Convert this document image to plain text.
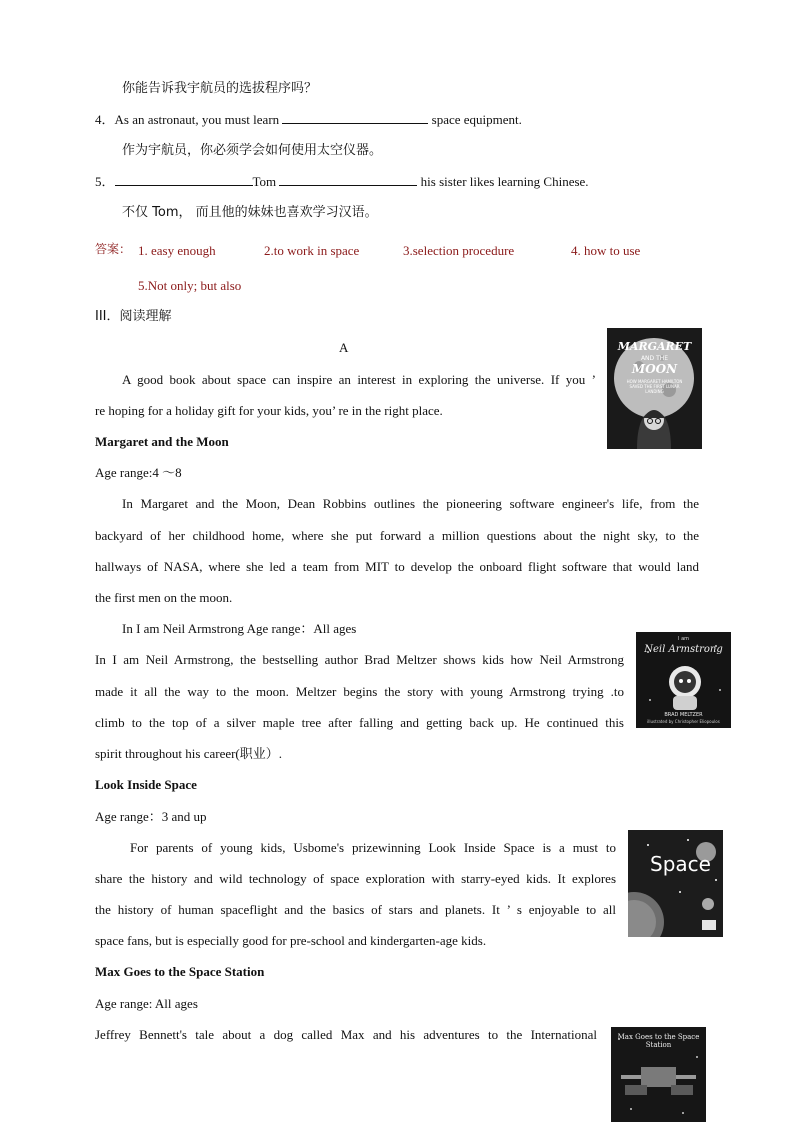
你能告诉我宇航员的选拔程序吗？
4．As an astronaut, you must learn	space equipment.
作为宇航员，你必须学会如何使用太空仪器。
5．	Tom	his sister likes learning Chinese.
不仅 Tom， 而且他的妹妹也喜欢学习汉语。
答案： 1. easy enough	2.to work in space	3.selection procedure	4. how to use
5.Not only; but also
III．阅读理解
A
A good book about space can inspire an interest in exploring the universe. If you ’
re hoping for a holiday gift for your kids, you’ re in the right place.
MARGARET
AND THE
MOON
HOW MARGARET HAMILTON SAVED THE FIRST LUNAR LANDING
Margaret and the Moon
Age range:4 ～8
In Margaret and the Moon, Dean Robbins outlines the pioneering software engineer's life, from the
backyard of her childhood home, where she put forward a million questions about the night sky, to the
hallways of NASA, where she led a team from MIT to develop the onboard flight software that would land
the first men on the moon.
In I am Neil Armstrong Age range：All ages
I am
Neil Armstrong
BRAD MELTZER
illustrated by Christopher Eliopoulos
In I am Neil Armstrong, the bestselling author Brad Meltzer shows kids how Neil Armstrong
made it all the way to the moon. Meltzer begins the story with young Armstrong trying .to
climb to the top of a silver maple tree after falling and getting back up. He continued this
spirit throughout his career(职业）.
Look Inside Space
Age range：3 and up
Space
For parents of young kids, Usbome's prizewinning Look Inside Space is a must to
share the history and wild technology of space exploration with starry-eyed kids. It explores
the history of human spaceflight and the basics of stars and planets. It ’ s enjoyable to all
space fans, but is especially good for pre-school and kindergarten-age kids.
Max Goes to the Space Station
Age range: All ages
Jeffrey Bennett's tale about a dog called Max and his adventures to the International	Max Goes to the Space Station
